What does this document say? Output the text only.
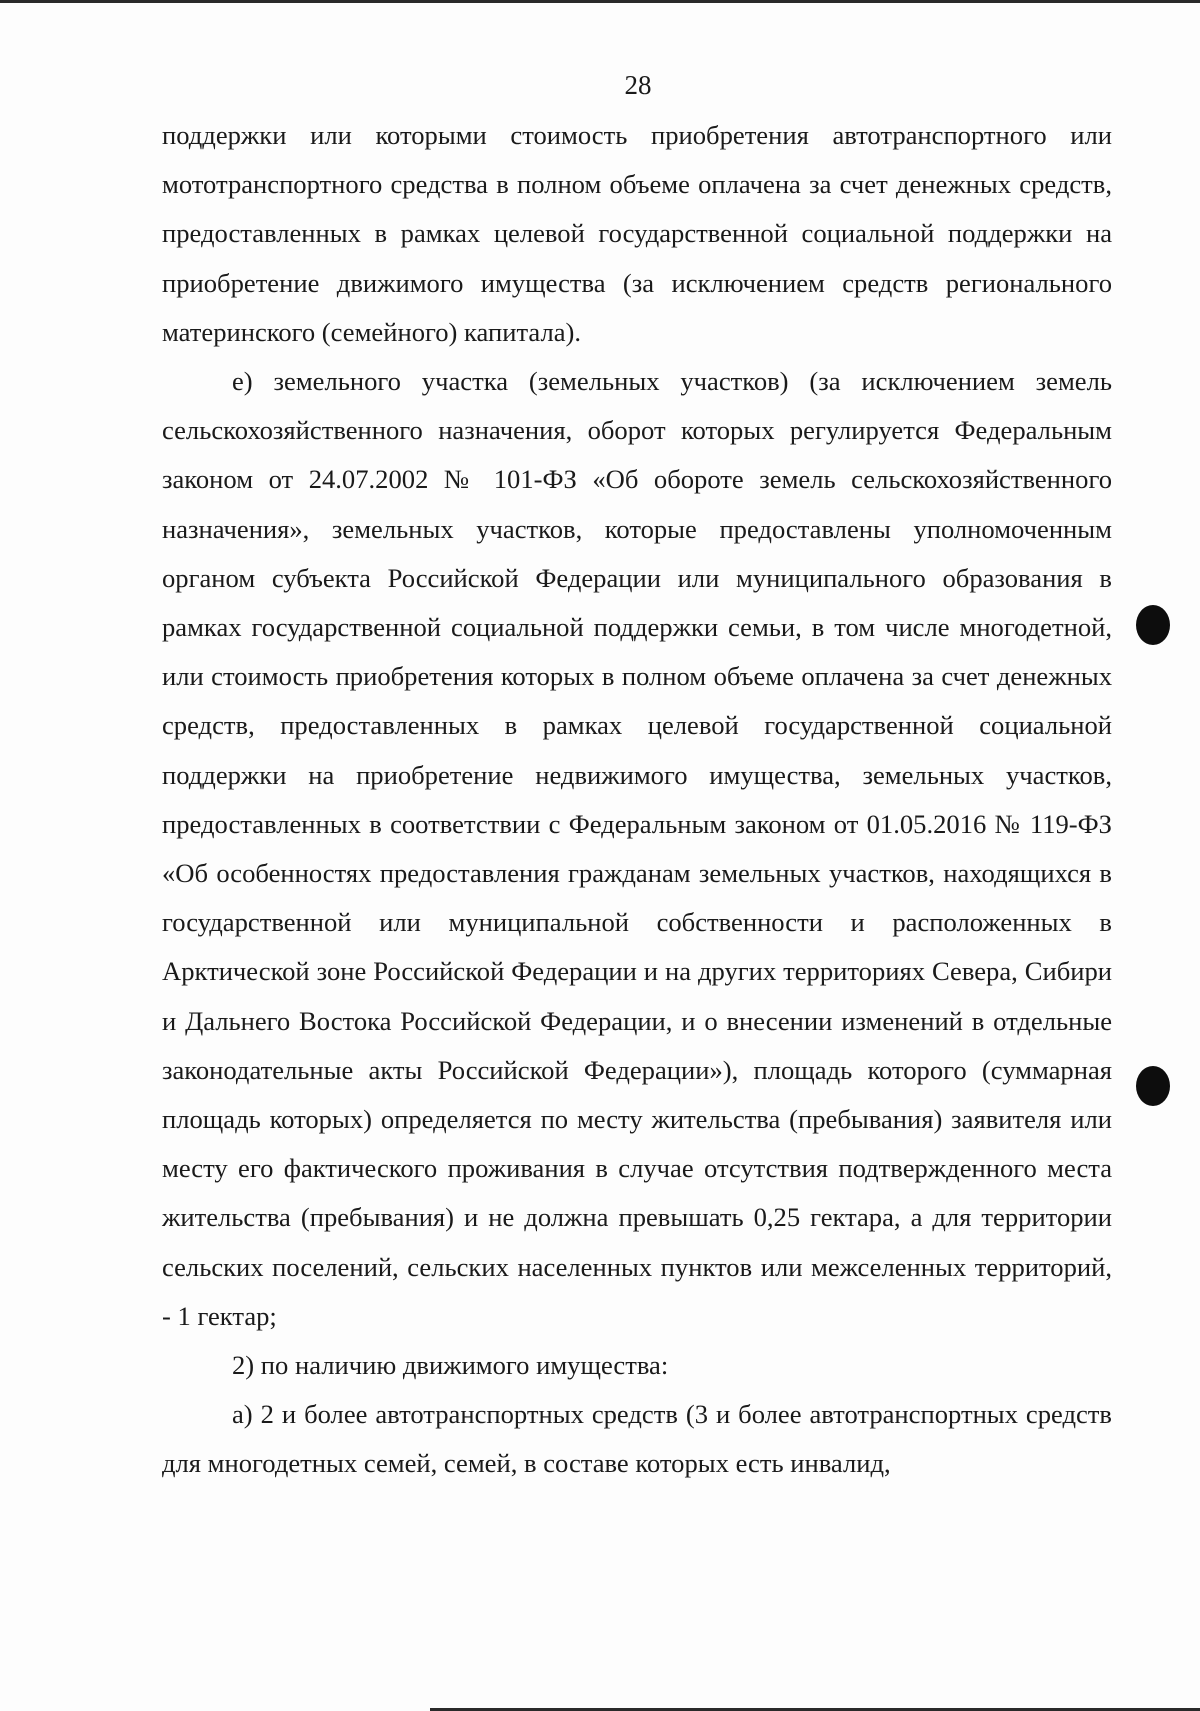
28

поддержки или которыми стоимость приобретения автотранспортного или мототранспортного средства в полном объеме оплачена за счет денежных средств, предоставленных в рамках целевой государственной социальной поддержки на приобретение движимого имущества (за исключением средств регионального материнского (семейного) капитала).

е) земельного участка (земельных участков) (за исключением земель сельскохозяйственного назначения, оборот которых регулируется Федеральным законом от 24.07.2002 № 101-ФЗ «Об обороте земель сельскохозяйственного назначения», земельных участков, которые предоставлены уполномоченным органом субъекта Российской Федерации или муниципального образования в рамках государственной социальной поддержки семьи, в том числе многодетной, или стоимость приобретения которых в полном объеме оплачена за счет денежных средств, предоставленных в рамках целевой государственной социальной поддержки на приобретение недвижимого имущества, земельных участков, предоставленных в соответствии с Федеральным законом от 01.05.2016 № 119-ФЗ «Об особенностях предоставления гражданам земельных участков, находящихся в государственной или муниципальной собственности и расположенных в Арктической зоне Российской Федерации и на других территориях Севера, Сибири и Дальнего Востока Российской Федерации, и о внесении изменений в отдельные законодательные акты Российской Федерации»), площадь которого (суммарная площадь которых) определяется по месту жительства (пребывания) заявителя или месту его фактического проживания в случае отсутствия подтвержденного места жительства (пребывания) и не должна превышать 0,25 гектара, а для территории сельских поселений, сельских населенных пунктов или межселенных территорий, - 1 гектар;

2) по наличию движимого имущества:

а) 2 и более автотранспортных средств (3 и более автотранспортных средств для многодетных семей, семей, в составе которых есть инвалид,
